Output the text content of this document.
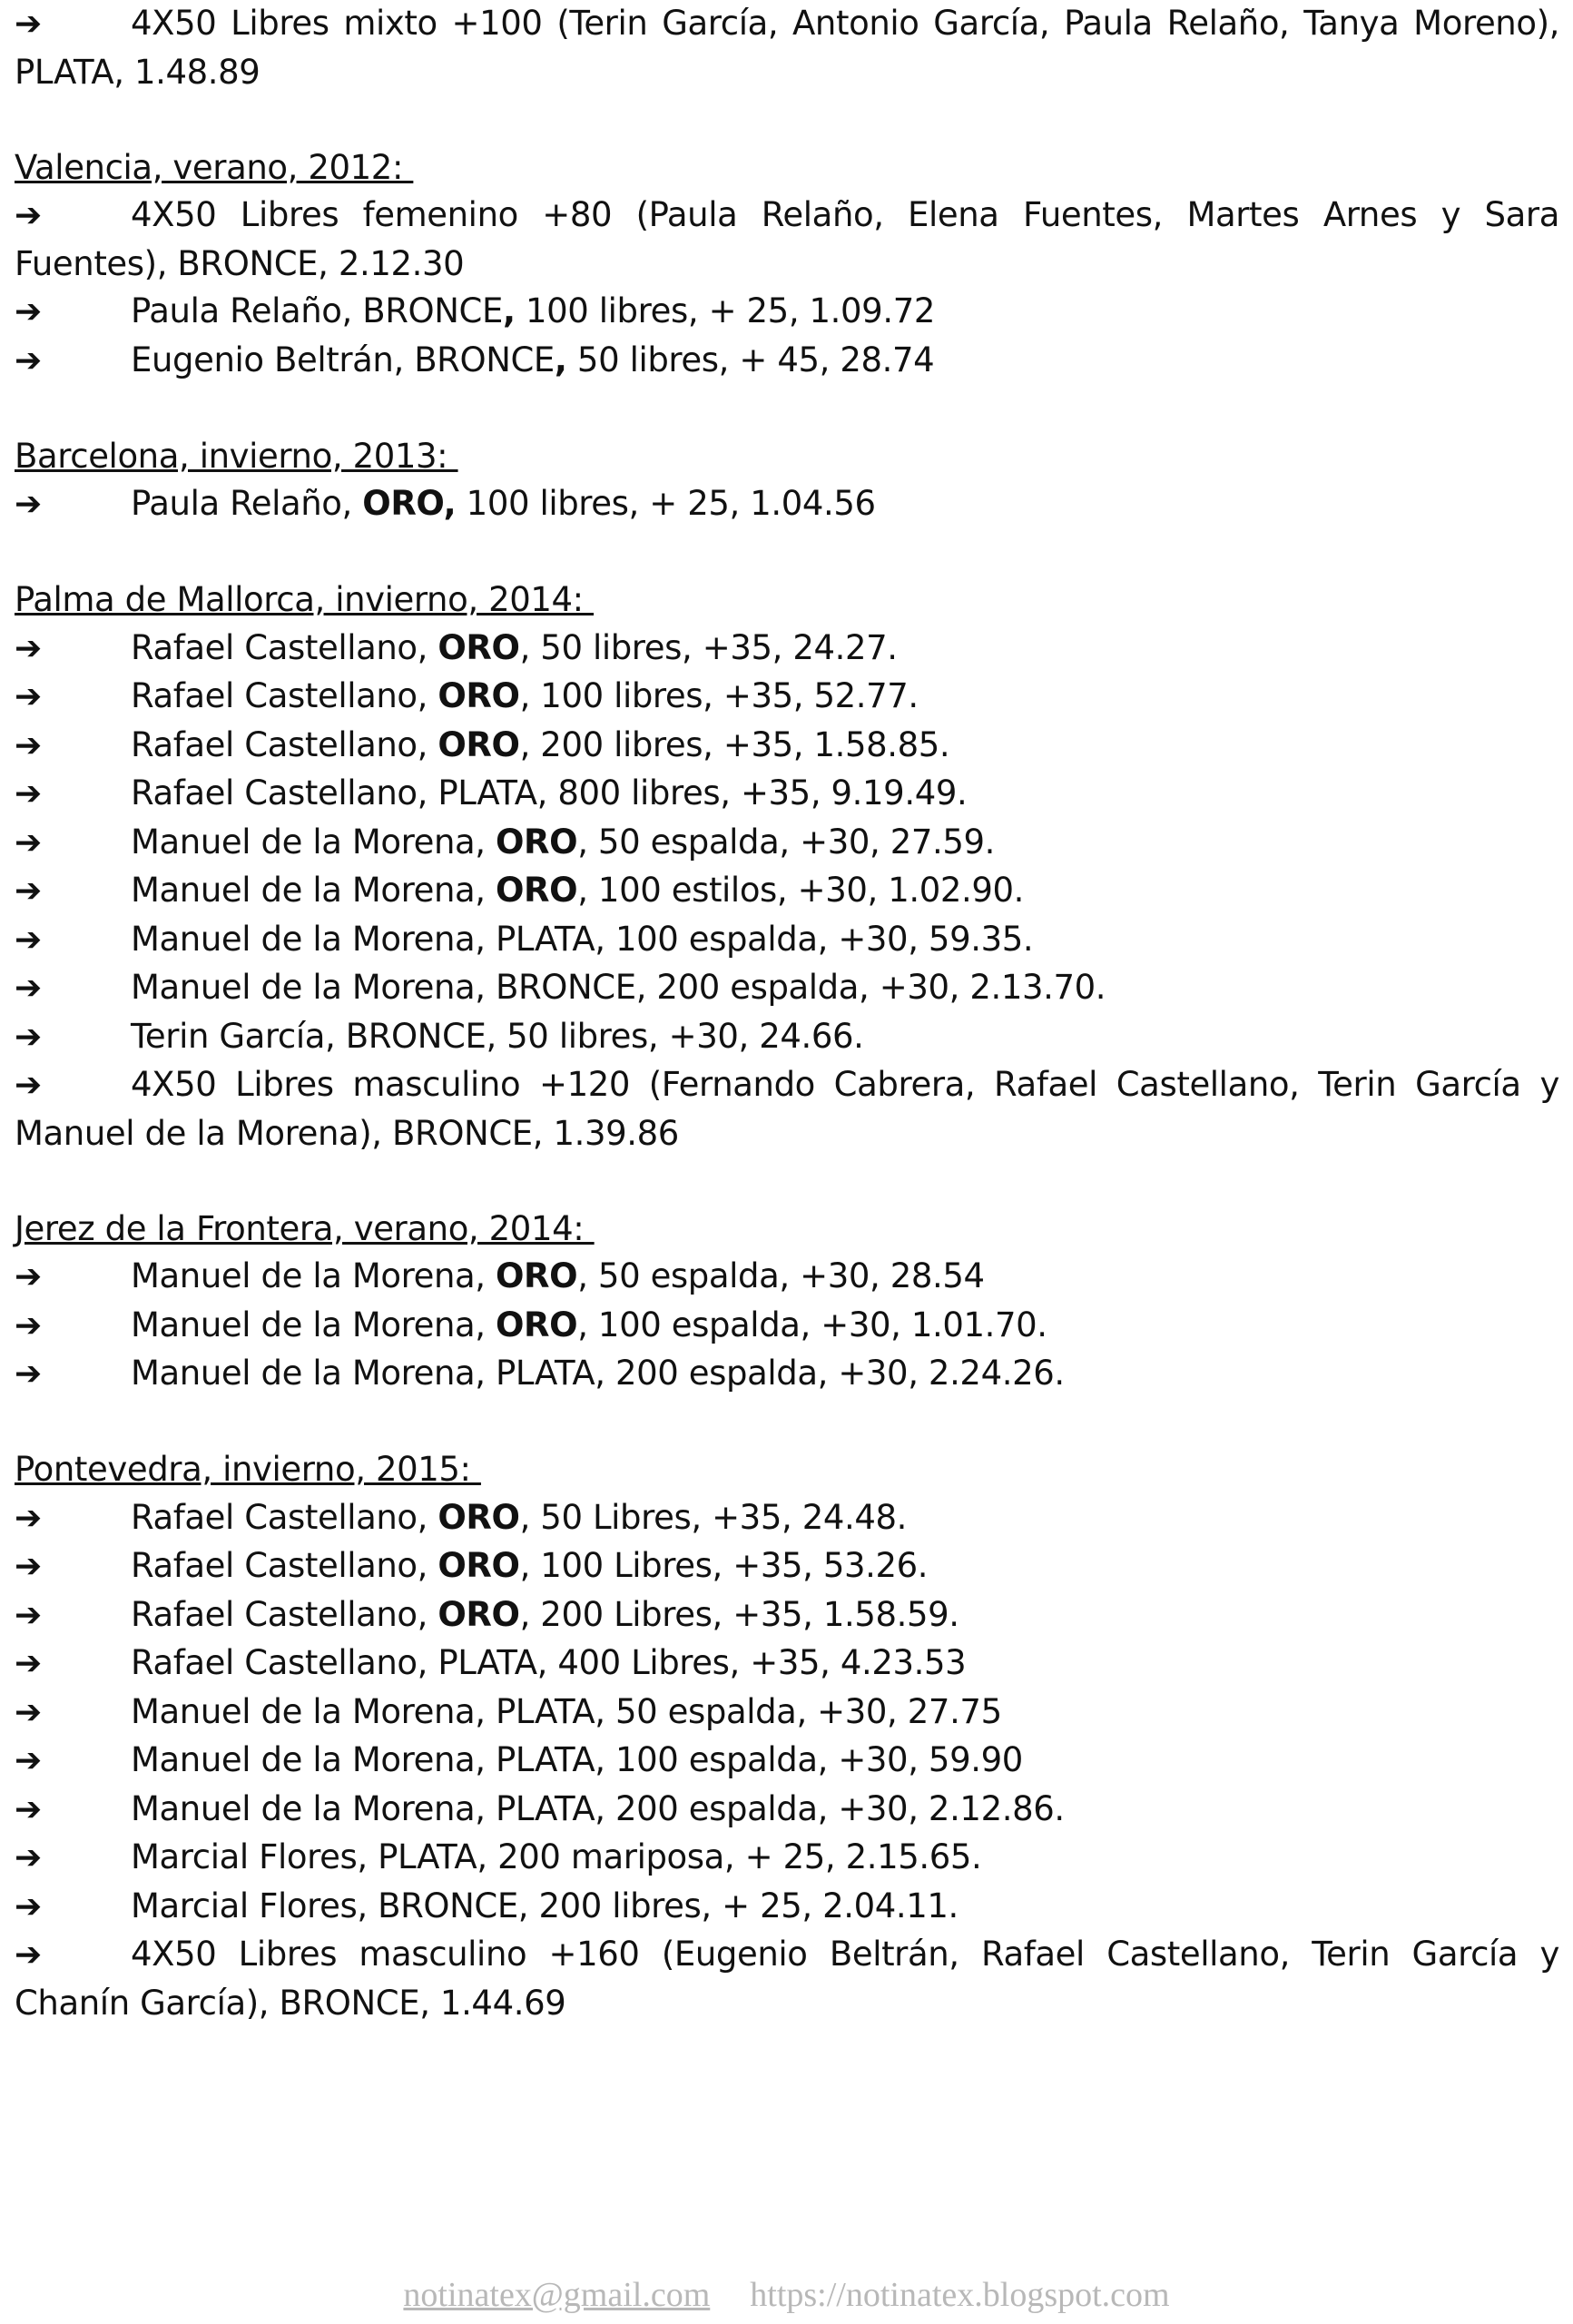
➔	4X50 Libres mixto +100 (Terin García, Antonio García, Paula Relaño, Tanya Moreno), PLATA, 1.48.89

Valencia, verano, 2012:

➔	4X50 Libres femenino +80 (Paula Relaño, Elena Fuentes, Martes Arnes y Sara Fuentes), BRONCE, 2.12.30

➔	Paula Relaño, BRONCE, 100 libres, + 25, 1.09.72

➔	Eugenio Beltrán, BRONCE, 50 libres, + 45, 28.74

Barcelona, invierno, 2013:

➔	Paula Relaño, ORO, 100 libres, + 25, 1.04.56

Palma de Mallorca, invierno, 2014:

➔	Rafael Castellano, ORO, 50 libres, +35, 24.27.

➔	Rafael Castellano, ORO, 100 libres, +35, 52.77.

➔	Rafael Castellano, ORO, 200 libres, +35, 1.58.85.

➔	Rafael Castellano, PLATA, 800 libres, +35, 9.19.49.

➔	Manuel de la Morena, ORO, 50 espalda, +30, 27.59.

➔	Manuel de la Morena, ORO, 100 estilos, +30, 1.02.90.

➔	Manuel de la Morena, PLATA, 100 espalda, +30, 59.35.

➔	Manuel de la Morena, BRONCE, 200 espalda, +30, 2.13.70.

➔	Terin García, BRONCE, 50 libres, +30, 24.66.

➔	4X50 Libres masculino +120 (Fernando Cabrera, Rafael Castellano, Terin García y Manuel de la Morena), BRONCE, 1.39.86

Jerez de la Frontera, verano, 2014:

➔	Manuel de la Morena, ORO, 50 espalda, +30, 28.54

➔	Manuel de la Morena, ORO, 100 espalda, +30, 1.01.70.

➔	Manuel de la Morena, PLATA, 200 espalda, +30, 2.24.26.

Pontevedra, invierno, 2015:

➔	Rafael Castellano, ORO, 50 Libres, +35, 24.48.

➔	Rafael Castellano, ORO, 100 Libres, +35, 53.26.

➔	Rafael Castellano, ORO, 200 Libres, +35, 1.58.59.

➔	Rafael Castellano, PLATA, 400 Libres, +35, 4.23.53

➔	Manuel de la Morena, PLATA, 50 espalda, +30, 27.75

➔	Manuel de la Morena, PLATA, 100 espalda, +30, 59.90

➔	Manuel de la Morena, PLATA, 200 espalda, +30, 2.12.86.

➔	Marcial Flores, PLATA, 200 mariposa, + 25, 2.15.65.

➔	Marcial Flores, BRONCE, 200 libres, + 25, 2.04.11.

➔	4X50 Libres masculino +160 (Eugenio Beltrán, Rafael Castellano, Terin García y Chanín García), BRONCE, 1.44.69

notinatex@gmail.com https://notinatex.blogspot.com
